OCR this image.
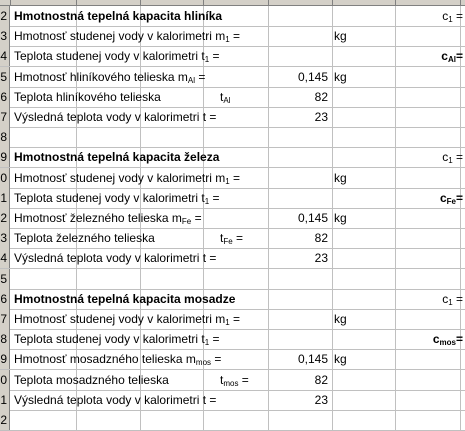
2 Hmotnostná tepelná kapacita hliníka	$c_1$ =
3 Hmotnosť studenej vody v kalorimetri $m_1$ =	kg
4 Teplota studenej vody v kalorimetri $t_1$ =	$c_{Al}=$
5 Hmotnosť hliníkového telieska $m_{Al}$ =	0,145 kg
6 Teplota hliníkového telieska	$t_{Al}$	82
7 Výsledná teplota vody v kalorimetri t =	23
8
9 Hmotnostná tepelná kapacita železa	$c_1$ =
0 Hmotnosť studenej vody v kalorimetri $m_1$ =	kg
1 Teplota studenej vody v kalorimetri $t_1$ =	$c_{Fe}=$
2 Hmotnosť železného telieska $m_{Fe}$ =	0,145 kg
3 Teplota železného telieska	$t_{Fe}$ =	82
4 Výsledná teplota vody v kalorimetri t =	23
5
6 Hmotnostná tepelná kapacita mosadze	$c_1$ =
7 Hmotnosť studenej vody v kalorimetri $m_1$ =	kg
8 Teplota studenej vody v kalorimetri $t_1$ =	$c_{mos}=$
9 Hmotnosť mosadzného telieska $m_{mos}$ =	0,145 kg
0 Teplota mosadzného telieska	$t_{mos}$ =	82
1 Výsledná teplota vody v kalorimetri t =	23
2
